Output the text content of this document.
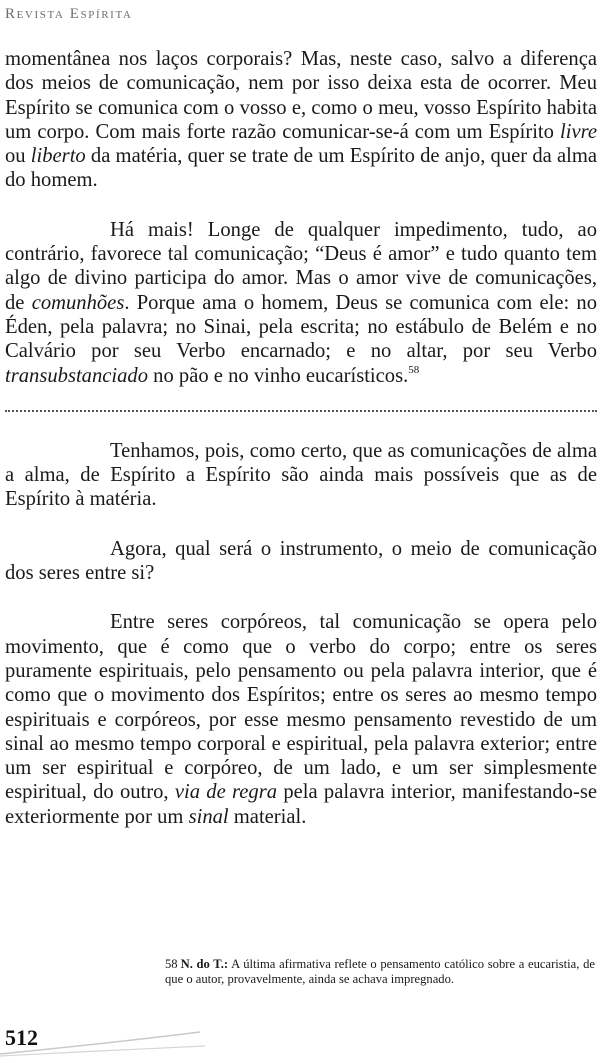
Revista Espírita

momentânea nos laços corporais? Mas, neste caso, salvo a diferença dos meios de comunicação, nem por isso deixa esta de ocorrer. Meu Espírito se comunica com o vosso e, como o meu, vosso Espírito habita um corpo. Com mais forte razão comunicar-se-á com um Espírito livre ou liberto da matéria, quer se trate de um Espírito de anjo, quer da alma do homem.

Há mais! Longe de qualquer impedimento, tudo, ao contrário, favorece tal comunicação; “Deus é amor” e tudo quanto tem algo de divino participa do amor. Mas o amor vive de comunicações, de comunhões. Porque ama o homem, Deus se comunica com ele: no Éden, pela palavra; no Sinai, pela escrita; no estábulo de Belém e no Calvário por seu Verbo encarnado; e no altar, por seu Verbo transubstanciado no pão e no vinho eucarísticos.$^{58}$

Tenhamos, pois, como certo, que as comunicações de alma a alma, de Espírito a Espírito são ainda mais possíveis que as de Espírito à matéria.

Agora, qual será o instrumento, o meio de comunicação dos seres entre si?

Entre seres corpóreos, tal comunicação se opera pelo movimento, que é como que o verbo do corpo; entre os seres puramente espirituais, pelo pensamento ou pela palavra interior, que é como que o movimento dos Espíritos; entre os seres ao mesmo tempo espirituais e corpóreos, por esse mesmo pensamento revestido de um sinal ao mesmo tempo corporal e espiritual, pela palavra exterior; entre um ser espiritual e corpóreo, de um lado, e um ser simplesmente espiritual, do outro, via de regra pela palavra interior, manifestando-se exteriormente por um sinal material.

58 N. do T.: A última afirmativa reflete o pensamento católico sobre a eucaristia, de que o autor, provavelmente, ainda se achava impregnado.
512
